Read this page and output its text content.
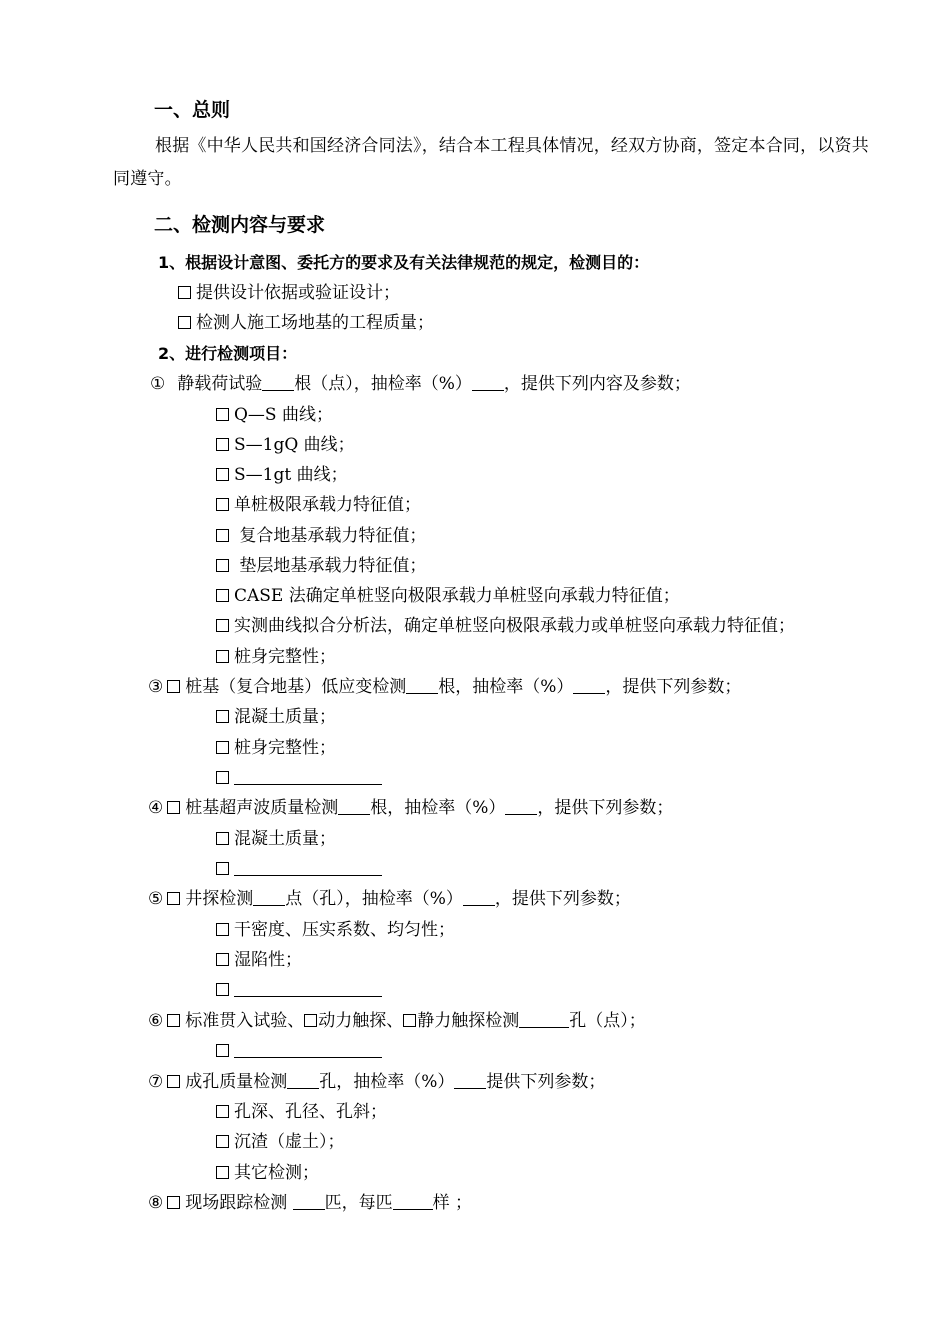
一、总则
根据《中华人民共和国经济合同法》，结合本工程具体情况，经双方协商，签定本合同，以资共同遵守。
二、检测内容与要求
1、根据设计意图、委托方的要求及有关法律规范的规定，检测目的：
提供设计依据或验证设计；
检测人施工场地基的工程质量；
2、进行检测项目：
① 静载荷试验 根（点），抽检率（%） ，提供下列内容及参数；
Q—S 曲线；
S—1gQ 曲线；
S—1gt 曲线；
单桩极限承载力特征值；
复合地基承载力特征值；
垫层地基承载力特征值；
CASE 法确定单桩竖向极限承载力单桩竖向承载力特征值；
实测曲线拟合分析法，确定单桩竖向极限承载力或单桩竖向承载力特征值；
桩身完整性；
③ 桩基（复合地基）低应变检测 根，抽检率（%） ，提供下列参数；
混凝土质量；
桩身完整性；
④ 桩基超声波质量检测 根，抽检率（%） ，提供下列参数；
混凝土质量；
⑤ 井探检测 点（孔），抽检率（%） ，提供下列参数；
干密度、压实系数、均匀性；
湿陷性；
⑥ 标准贯入试验、 动力触探、 静力触探检测	孔（点）；
⑦ 成孔质量检测 孔，抽检率（%） 提供下列参数；
孔深、孔径、孔斜；
沉渣（虚土）；
其它检测；
⑧ 现场跟踪检测 匹，每匹 样 ；
